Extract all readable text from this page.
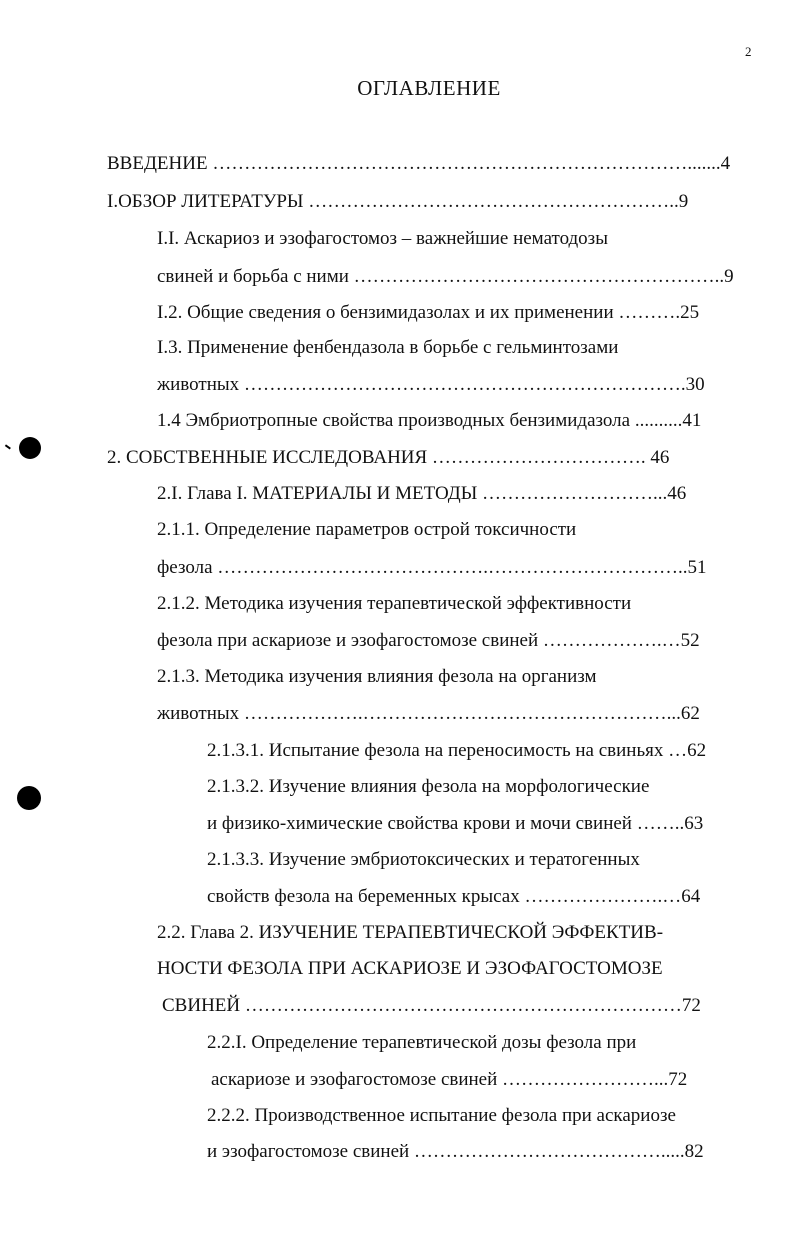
2
ОГЛАВЛЕНИЕ
ВВЕДЕНИЕ ………………………………………………………………….......4
I.ОБЗОР ЛИТЕРАТУРЫ …………………………………………………..9
I.I. Аскариоз и эзофагостомоз – важнейшие нематодозы
свиней и борьба с ними …………………………………………………..9
I.2. Общие сведения о бензимидазолах и их применении ……….25
I.3. Применение фенбендазола в борьбе с гельминтозами
животных …………………………………………………………….30
1.4 Эмбриотропные свойства производных бензимидазола ..........41
2. СОБСТВЕННЫЕ ИССЛЕДОВАНИЯ ……………………………. 46
2.I. Глава I. МАТЕРИАЛЫ И МЕТОДЫ ………………………...46
2.1.1. Определение параметров острой токсичности
фезола …………………………………….…………………………..51
2.1.2. Методика изучения терапевтической эффективности
фезола при аскариозе и эзофагостомозе свиней ……………….…52
2.1.3. Методика изучения влияния фезола на организм
животных ……………….…………………………………………...62
2.1.3.1. Испытание фезола на переносимость на свиньях …62
2.1.3.2. Изучение влияния фезола на морфологические
и физико-химические свойства крови и мочи свиней ……..63
2.1.3.3. Изучение эмбриотоксических и тератогенных
свойств фезола на беременных крысах ………………….…64
2.2. Глава 2. ИЗУЧЕНИЕ ТЕРАПЕВТИЧЕСКОЙ ЭФФЕКТИВ-
НОСТИ ФЕЗОЛА ПРИ АСКАРИОЗЕ И ЭЗОФАГОСТОМОЗЕ
СВИНЕЙ ……………………………………………………………72
2.2.I. Определение терапевтической дозы фезола при
аскариозе и эзофагостомозе свиней ……………………...72
2.2.2. Производственное испытание фезола при аскариозе
и эзофагостомозе свиней ………………………………….....82
